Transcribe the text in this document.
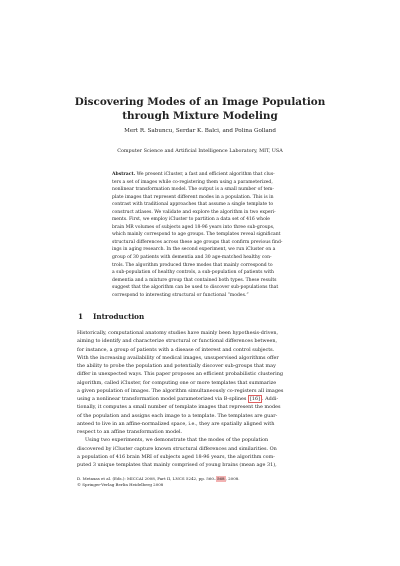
Discovering Modes of an Image Population
through Mixture Modeling
Mert R. Sabuncu, Serdar K. Balci, and Polina Golland
Computer Science and Artificial Intelligence Laboratory, MIT, USA
Abstract. We present iCluster, a fast and efficient algorithm that clus-
ters a set of images while co-registering them using a parameterized,
nonlinear transformation model. The output is a small number of tem-
plate images that represent different modes in a population. This is in
contrast with traditional approaches that assume a single template to
construct atlases. We validate and explore the algorithm in two experi-
ments. First, we employ iCluster to partition a data set of 416 whole
brain MR volumes of subjects aged 18-96 years into three sub-groups,
which mainly correspond to age groups. The templates reveal significant
structural differences across these age groups that confirm previous find-
ings in aging research. In the second experiment, we run iCluster on a
group of 30 patients with dementia and 30 age-matched healthy con-
trols. The algorithm produced three modes that mainly correspond to
a sub-population of healthy controls, a sub-population of patients with
dementia and a mixture group that contained both types. These results
suggest that the algorithm can be used to discover sub-populations that
correspond to interesting structural or functional “modes.”
1 Introduction
Historically, computational anatomy studies have mainly been hypothesis-driven,
aiming to identify and characterize structural or functional differences between,
for instance, a group of patients with a disease of interest and control subjects.
With the increasing availability of medical images, unsupervised algorithms offer
the ability to probe the population and potentially discover sub-groups that may
differ in unexpected ways. This paper proposes an efficient probabilistic clustering
algorithm, called iCluster, for computing one or more templates that summarize
a given population of images. The algorithm simultaneously co-registers all images
using a nonlinear transformation model parameterized via B-splines [16] . Addi-
tionally, it computes a small number of template images that represent the modes
of the population and assigns each image to a template. The templates are guar-
anteed to live in an affine-normalized space, i.e., they are spatially aligned with
respect to an affine transformation model.
Using two experiments, we demonstrate that the modes of the population
discovered by iCluster capture known structural differences and similarities. On
a population of 416 brain MRI of subjects aged 18-96 years, the algorithm com-
puted 3 unique templates that mainly comprised of young brains (mean age 31),
D. Metaxas et al. (Eds.): MICCAI 2008, Part II, LNCS 5242, pp. 560–568, 2008.
© Springer-Verlag Berlin Heidelberg 2008
